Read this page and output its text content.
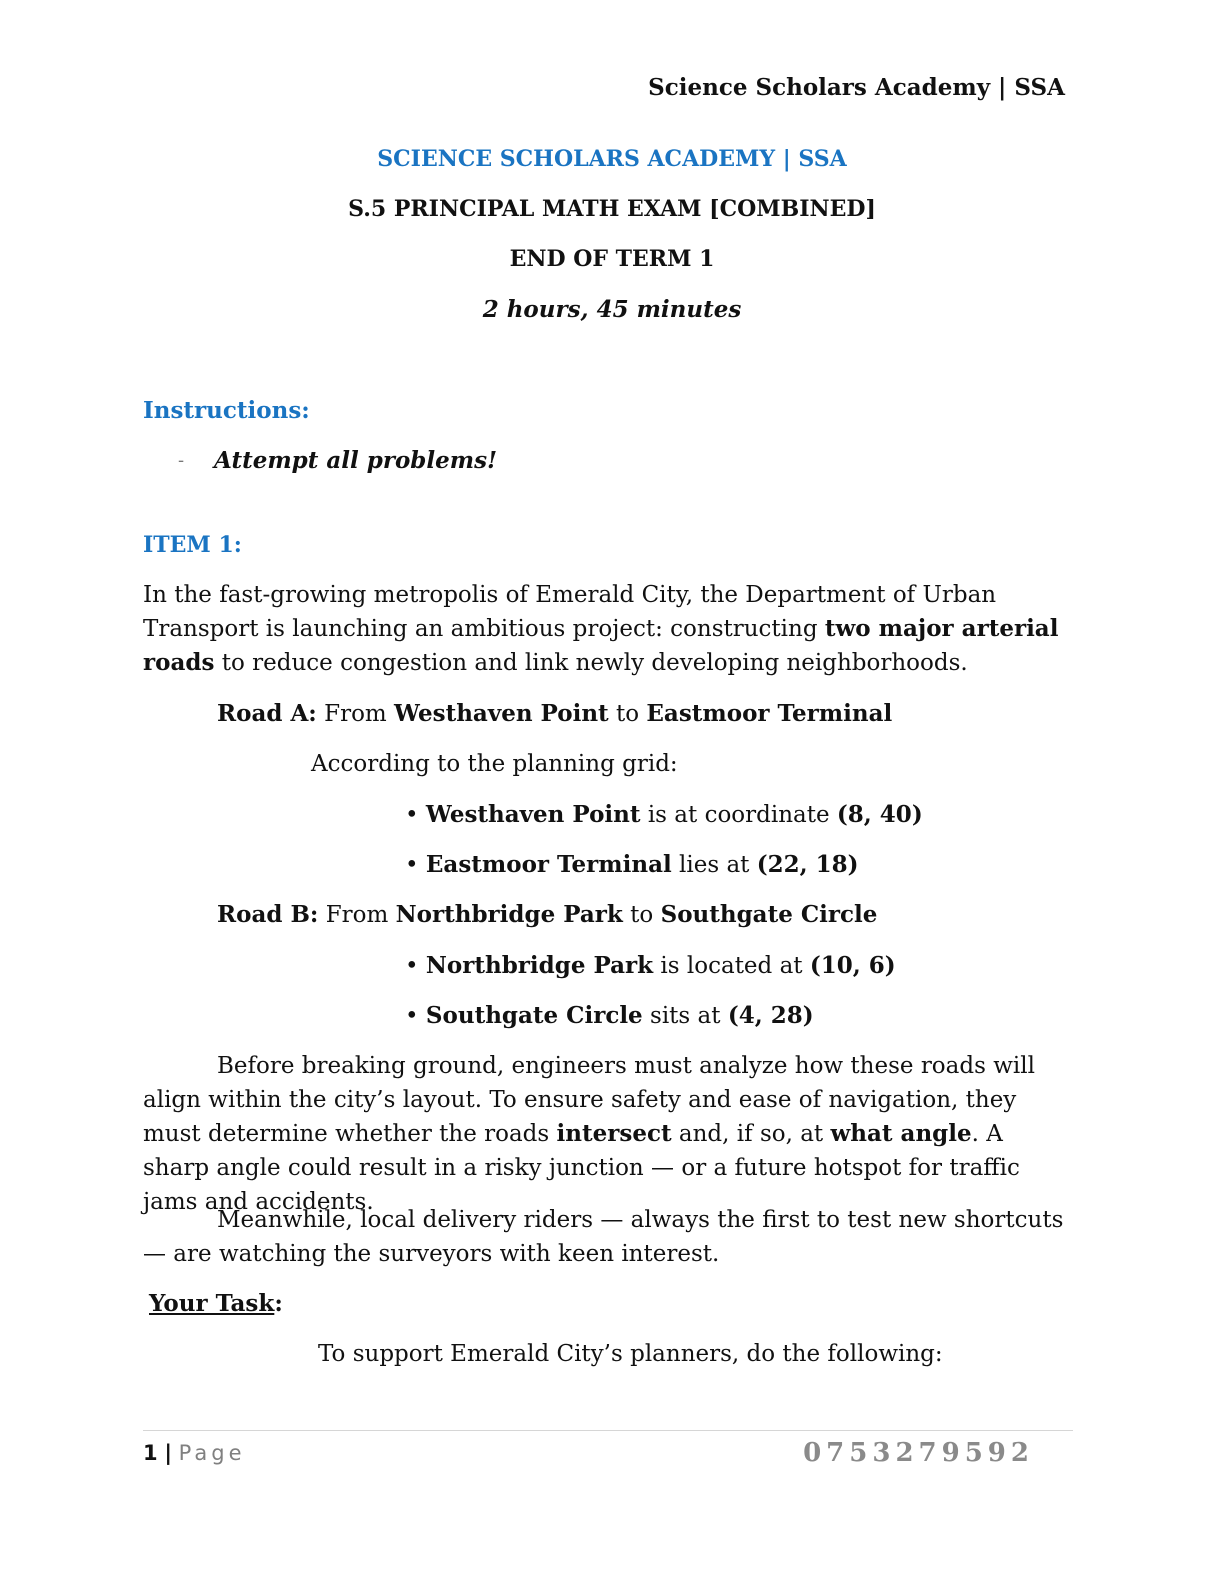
Science Scholars Academy | SSA
SCIENCE SCHOLARS ACADEMY | SSA
S.5 PRINCIPAL MATH EXAM [COMBINED]
END OF TERM 1
2 hours, 45 minutes
Instructions:
- Attempt all problems!
ITEM 1:
In the fast-growing metropolis of Emerald City, the Department of Urban Transport is launching an ambitious project: constructing two major arterial roads to reduce congestion and link newly developing neighborhoods.
Road A: From Westhaven Point to Eastmoor Terminal
According to the planning grid:
• Westhaven Point is at coordinate (8, 40)
• Eastmoor Terminal lies at (22, 18)
Road B: From Northbridge Park to Southgate Circle
• Northbridge Park is located at (10, 6)
• Southgate Circle sits at (4, 28)
Before breaking ground, engineers must analyze how these roads will align within the city’s layout. To ensure safety and ease of navigation, they must determine whether the roads intersect and, if so, at what angle. A sharp angle could result in a risky junction — or a future hotspot for traffic jams and accidents.
Meanwhile, local delivery riders — always the first to test new shortcuts — are watching the surveyors with keen interest.
Your Task:
To support Emerald City’s planners, do the following:
1 | Page	0753279592
